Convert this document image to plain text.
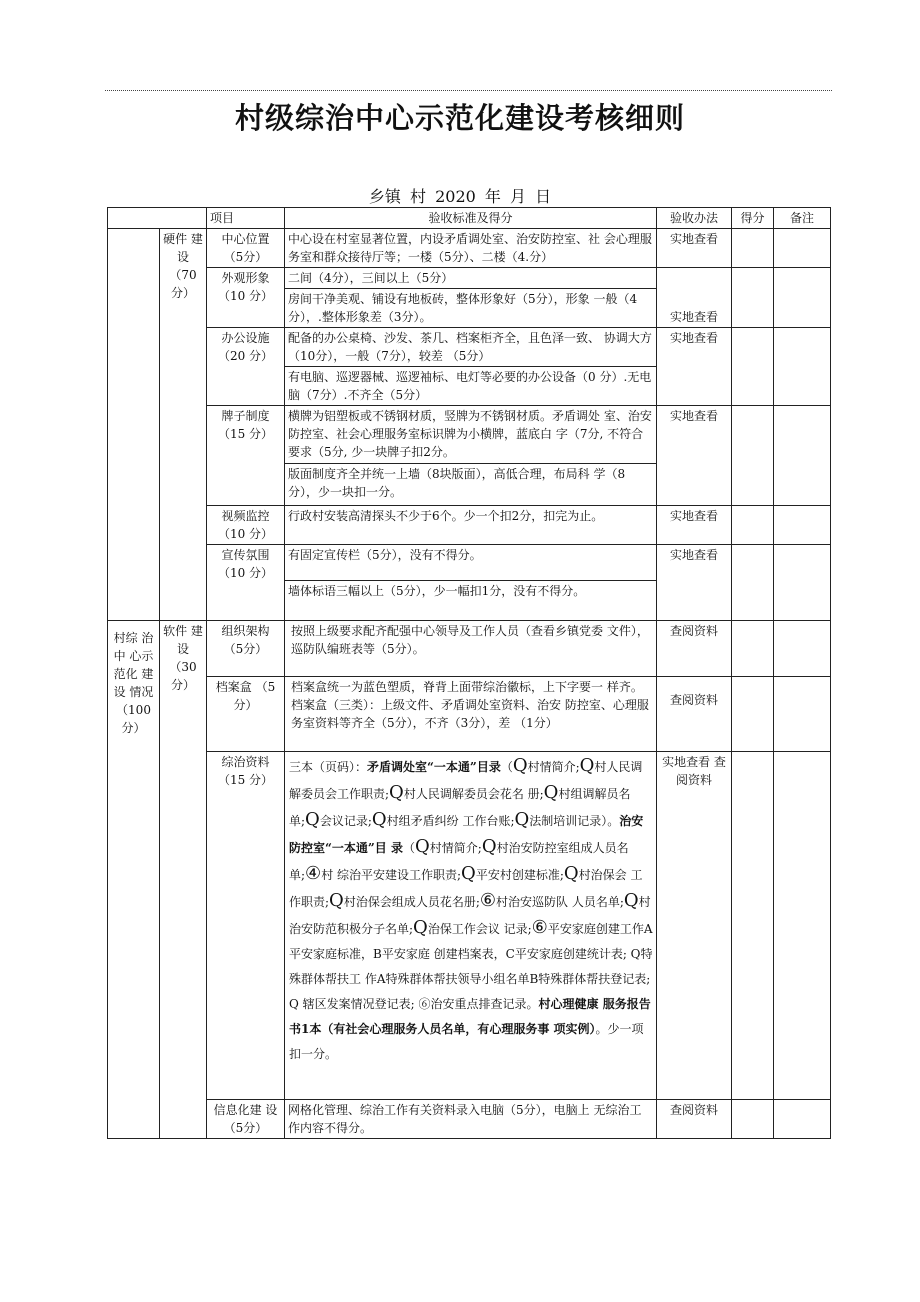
村级综治中心示范化建设考核细则
乡镇 村 2020 年 月 日
		项目	验收标准及得分	验收办法	得分	备注
	硬件 建 设 （70 分）	中心位置 （5分）	中心设在村室显著位置，内设矛盾调处室、治安防控室、社 会心理服务室和群众接待厅等；一楼（5分）、二楼（4.分）	实地查看		
		外观形象 （10 分）	二间（4分），三间以上（5分）	实地查看		
			房间干净美观、铺设有地板砖，整体形象好（5分），形象 一般（4分），.整体形象差（3分）。			
		办公设施 （20 分）	配备的办公桌椅、沙发、茶几、档案柜齐全，且色泽一致、 协调大方（10分），一般（7分），较差 （5分）	实地查看		
			有电脑、巡逻器械、巡逻袖标、电灯等必要的办公设备（0 分）.无电脑（7分）.不齐全（5分）			
		牌子制度 （15 分）	横牌为铝塑板或不锈钢材质，竖牌为不锈钢材质。矛盾调处 室、治安防控室、社会心理服务室标识牌为小横牌，蓝底白 字（7分, 不符合要求（5分, 少一块牌子扣2分。	实地查看		
			版面制度齐全并统一上墙（8块版面），高低合理，布局科 学（8分），少一块扣一分。			
		视频监控 （10 分）	行政村安装高清探头不少于6个。少一个扣2分，扣完为止。	实地查看		
		宣传氛围 （10 分）	有固定宣传栏（5分），没有不得分。	实地查看		
			墙体标语三幅以上（5分），少一幅扣1分，没有不得分。			
村综 治 中 心示 范化 建 设 情况 （100 分）	软件 建 设 （30 分）	组织架构 （5分）	按照上级要求配齐配强中心领导及工作人员（查看乡镇党委 文件），巡防队编班表等（5分）。	查阅资料		
		档案盒 （5分）	档案盒统一为蓝色塑质，脊背上面带综治徽标，上下字要一 样齐。档案盒（三类）：上级文件、矛盾调处室资料、治安 防控室、心理服务室资料等齐全（5分），不齐（3分），差 （1分）	查阅资料		
		综治资料 （15 分）	三本（页码）：矛盾调处室“一本通”目录（Q村情简介;Q村人民调解委员会工作职责;Q村人民调解委员会花名 册;Q村组调解员名单;Q会议记录;Q村组矛盾纠纷 工作台账;Q法制培训记录）。治安防控室“一本通”目 录（Q村情简介;Q村治安防控室组成人员名单;④村 综治平安建设工作职责;Q平安村创建标准;Q村治保会 工作职责;Q村治保会组成人员花名册;⑥村治安巡防队 人员名单;Q村治安防范积极分子名单;Q治保工作会议 记录;⑥平安家庭创建工作A平安家庭标准，B平安家庭 创建档案表，C平安家庭创建统计表; Q特殊群体帮扶工 作A特殊群体帮扶领导小组名单B特殊群体帮扶登记表; Q 辖区发案情况登记表; ⑥治安重点排查记录。村心理健康 服务报告书1本（有社会心理服务人员名单，有心理服务事 项实例）。少一项扣一分。	实地查看 查阅资料		
		信息化建 设 （5分）	网格化管理、综治工作有关资料录入电脑（5分），电脑上 无综治工作内容不得分。	查阅资料		
